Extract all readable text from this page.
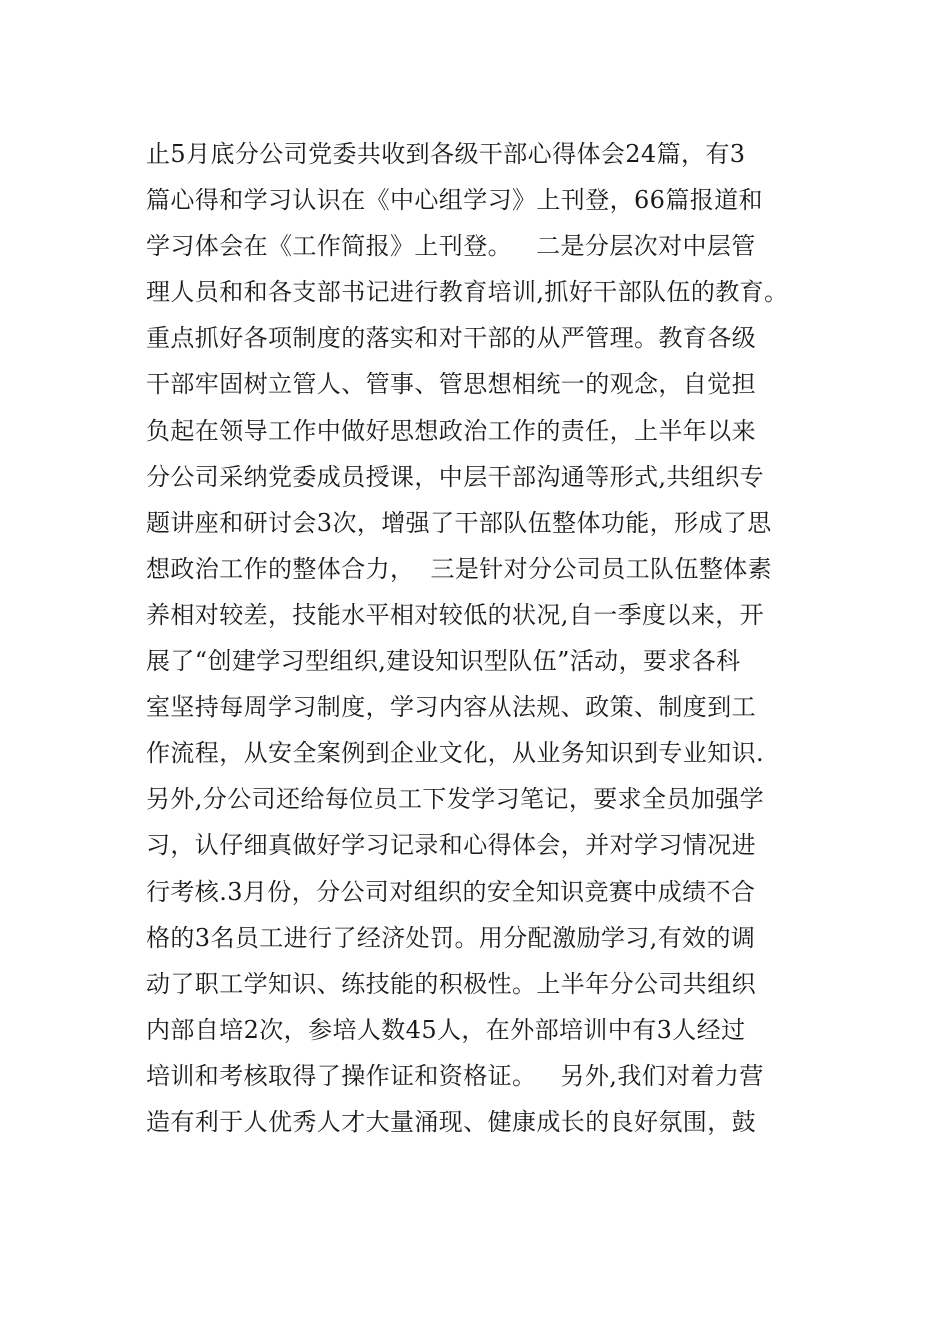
止5月底分公司党委共收到各级干部心得体会24篇，有3
篇心得和学习认识在《中心组学习》上刊登，66篇报道和
学习体会在《工作简报》上刊登。   二是分层次对中层管
理人员和和各支部书记进行教育培训,抓好干部队伍的教育。
重点抓好各项制度的落实和对干部的从严管理。教育各级
干部牢固树立管人、管事、管思想相统一的观念，自觉担
负起在领导工作中做好思想政治工作的责任，上半年以来
分公司采纳党委成员授课，中层干部沟通等形式,共组织专
题讲座和研讨会3次，增强了干部队伍整体功能，形成了思
想政治工作的整体合力，  三是针对分公司员工队伍整体素
养相对较差，技能水平相对较低的状况,自一季度以来，开
展了“创建学习型组织,建设知识型队伍”活动，要求各科
室坚持每周学习制度，学习内容从法规、政策、制度到工
作流程，从安全案例到企业文化，从业务知识到专业知识.
另外,分公司还给每位员工下发学习笔记，要求全员加强学
习，认仔细真做好学习记录和心得体会，并对学习情况进
行考核.3月份，分公司对组织的安全知识竞赛中成绩不合
格的3名员工进行了经济处罚。用分配激励学习,有效的调
动了职工学知识、练技能的积极性。上半年分公司共组织
内部自培2次，参培人数45人，在外部培训中有3人经过
培训和考核取得了操作证和资格证。   另外,我们对着力营
造有利于人优秀人才大量涌现、健康成长的良好氛围，鼓
